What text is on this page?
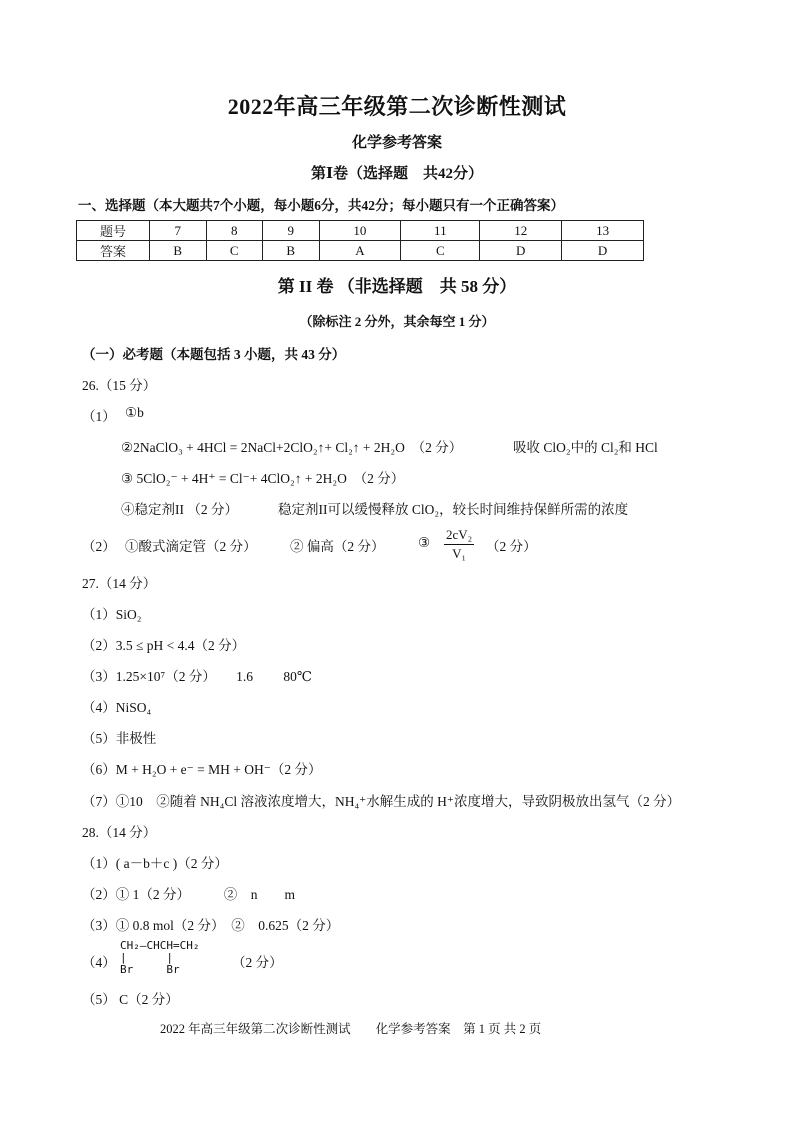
2022年高三年级第二次诊断性测试
化学参考答案
第Ⅰ卷（选择题　共42分）
一、选择题（本大题共7个小题，每小题6分，共42分；每小题只有一个正确答案）
题号	7	8	9	10	11	12	13
答案	B	C	B	A	C	D	D
第 II 卷 （非选择题　共 58 分）
（除标注 2 分外，其余每空 1 分）
（一）必考题（本题包括 3 小题，共 43 分）
26.（15 分）
（1） ①b
②2NaClO₃ + 4HCl = 2NaCl+2ClO₂↑+ Cl₂↑ + 2H₂O　（2 分）	吸收 ClO₂中的 Cl₂和 HCl
③ 5ClO₂⁻ + 4H⁺ = Cl⁻+ 4ClO₂↑ + 2H₂O　（2 分）
④稳定剂II （2 分）	稳定剂II可以缓慢释放 ClO₂，较长时间维持保鲜所需的浓度
（2） ①酸式滴定管（2 分） ② 偏高（2 分） ③ $\frac{\text{2cV₂}}{\text{V₁}} (2$ 分）
27.（14 分）
（1）SiO₂
（2）3.5 ≤ pH < 4.4（2 分）
（3）1.25×10⁷（2 分）　　1.6　　 80℃
（4）NiSO₄
（5）非极性
（6）M + H₂O + e⁻ = MH + OH⁻（2 分）
（7）①10　②随着 NH₄Cl 溶液浓度增大，NH₄⁺水解生成的 H⁺浓度增大，导致阴极放出氢气（2 分）
28.（14 分）
（1）( a－b＋c )（2 分）
（2）① 1（2 分）　　　②　n　　m
（3）① 0.8 mol（2 分）　②　0.625（2 分）
（4）
CH₂—CHCH=CH₂
|      |
Br     Br	（2 分）
（5） C（2 分）
2022 年高三年级第二次诊断性测试　　化学参考答案　第 1 页 共 2 页
